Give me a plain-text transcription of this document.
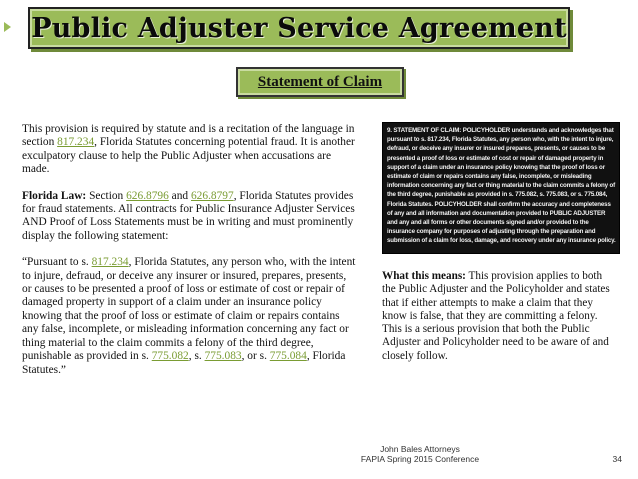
Public Adjuster Service Agreement
Statement of Claim

This provision is required by statute and is a recitation of the language in section 817.234, Florida Statutes concerning potential fraud. It is another exculpatory clause to help the Public Adjuster when accusations are made.

Florida Law: Section 626.8796 and 626.8797, Florida Statutes provides for fraud statements. All contracts for Public Insurance Adjuster Services AND Proof of Loss Statements must be in writing and must prominently display the following statement:

“Pursuant to s. 817.234, Florida Statutes, any person who, with the intent to injure, defraud, or deceive any insurer or insured, prepares, presents, or causes to be presented a proof of loss or estimate of cost or repair of damaged property in support of a claim under an insurance policy knowing that the proof of loss or estimate of claim or repairs contains any false, incomplete, or misleading information concerning any fact or thing material to the claim commits a felony of the third degree, punishable as provided in s. 775.082, s. 775.083, or s. 775.084, Florida Statutes.”

9. STATEMENT OF CLAIM: POLICYHOLDER understands and acknowledges that pursuant to s. 817.234, Florida Statutes, any person who, with the intent to injure, defraud, or deceive any insurer or insured prepares, presents, or causes to be presented a proof of loss or estimate of cost or repair of damaged property in support of a claim under an insurance policy knowing that the proof of loss or estimate of claim or repairs contains any false, incomplete, or misleading information concerning any fact or thing material to the claim commits a felony of the third degree, punishable as provided in s. 775.082, s. 775.083, or s. 775.084, Florida Statutes. POLICYHOLDER shall confirm the accuracy and completeness of any and all information and documentation provided to PUBLIC ADJUSTER and any and all forms or other documents signed and/or provided to the insurance company for purposes of adjusting through the preparation and submission of a claim for loss, damage, and recovery under any insurance policy.
What this means: This provision applies to both the Public Adjuster and the Policyholder and states that if either attempts to make a claim that they know is false, that they are committing a felony. This is a serious provision that both the Public Adjuster and Policyholder need to be aware of and closely follow.
John Bales Attorneys
FAPIA Spring 2015 Conference	34
